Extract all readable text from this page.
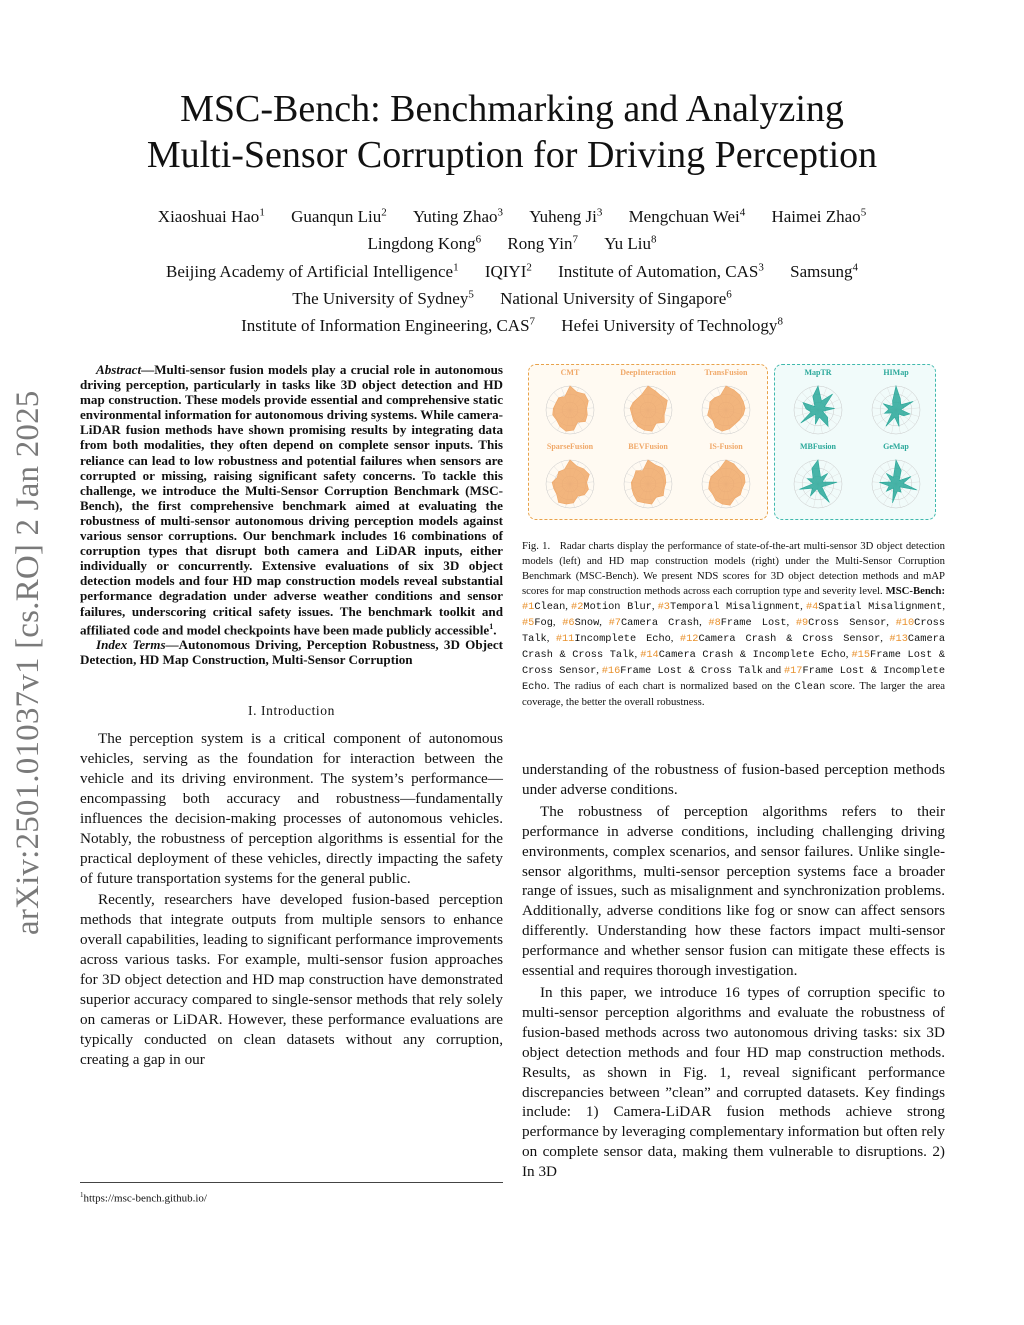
arXiv:2501.01037v1 [cs.RO] 2 Jan 2025
MSC-Bench: Benchmarking and Analyzing
Multi-Sensor Corruption for Driving Perception
Xiaoshuai Hao$^1$ Guanqun Liu$^2$ Yuting Zhao$^3$ Yuheng Ji$^3$ Mengchuan Wei$^4$ Haimei Zhao$^5$
Lingdong Kong$^6$ Rong Yin$^7$ Yu Liu$^8$
Beijing Academy of Artificial Intelligence$^1$ IQIYI$^2$ Institute of Automation, CAS$^3$ Samsung$^4$
The University of Sydney$^5$ National University of Singapore$^6$
Institute of Information Engineering, CAS$^7$ Hefei University of Technology$^8$

Abstract—Multi-sensor fusion models play a crucial role in autonomous driving perception, particularly in tasks like 3D object detection and HD map construction. These models provide essential and comprehensive static environmental information for autonomous driving systems. While camera-LiDAR fusion methods have shown promising results by integrating data from both modalities, they often depend on complete sensor inputs. This reliance can lead to low robustness and potential failures when sensors are corrupted or missing, raising significant safety concerns. To tackle this challenge, we introduce the Multi-Sensor Corruption Benchmark (MSC-Bench), the first comprehensive benchmark aimed at evaluating the robustness of multi-sensor autonomous driving perception models against various sensor corruptions. Our benchmark includes 16 combinations of corruption types that disrupt both camera and LiDAR inputs, either individually or concurrently. Extensive evaluations of six 3D object detection models and four HD map construction models reveal substantial performance degradation under adverse weather conditions and sensor failures, underscoring critical safety issues. The benchmark toolkit and affiliated code and model checkpoints have been made publicly accessible$^1$.

Index Terms—Autonomous Driving, Perception Robustness, 3D Object Detection, HD Map Construction, Multi-Sensor Corruption

I. Introduction

The perception system is a critical component of autonomous vehicles, serving as the foundation for interaction between the vehicle and its driving environment. The system’s performance—encompassing both accuracy and robustness—fundamentally influences the decision-making processes of autonomous vehicles. Notably, the robustness of perception algorithms is essential for the practical deployment of these vehicles, directly impacting the safety of future transportation systems for the general public.

Recently, researchers have developed fusion-based perception methods that integrate outputs from multiple sensors to enhance overall capabilities, leading to significant performance improvements across various tasks. For example, multi-sensor fusion approaches for 3D object detection and HD map construction have demonstrated superior accuracy compared to single-sensor methods that rely solely on cameras or LiDAR. However, these performance evaluations are typically conducted on clean datasets without any corruption, creating a gap in our

$^1$https://msc-bench.github.io/
CMT	DeepInteraction	TransFusion
SparseFusion	BEVFusion	IS-Fusion
MapTR	HIMap
MBFusion	GeMap
Fig. 1. Radar charts display the performance of state-of-the-art multi-sensor 3D object detection models (left) and HD map construction models (right) under the Multi-Sensor Corruption Benchmark (MSC-Bench). We present NDS scores for 3D object detection methods and mAP scores for map construction methods across each corruption type and severity level. MSC-Bench: #1Clean, #2Motion Blur, #3Temporal Misalignment, #4Spatial Misalignment, #5Fog, #6Snow, #7Camera Crash, #8Frame Lost, #9Cross Sensor, #10Cross Talk, #11Incomplete Echo, #12Camera Crash & Cross Sensor, #13Camera Crash & Cross Talk, #14Camera Crash & Incomplete Echo, #15Frame Lost & Cross Sensor, #16Frame Lost & Cross Talk and #17Frame Lost & Incomplete Echo. The radius of each chart is normalized based on the Clean score. The larger the area coverage, the better the overall robustness.

understanding of the robustness of fusion-based perception methods under adverse conditions.

The robustness of perception algorithms refers to their performance in adverse conditions, including challenging driving environments, complex scenarios, and sensor failures. Unlike single-sensor algorithms, multi-sensor perception systems face a broader range of issues, such as misalignment and synchronization problems. Additionally, adverse conditions like fog or snow can affect sensors differently. Understanding how these factors impact multi-sensor performance and whether sensor fusion can mitigate these effects is essential and requires thorough investigation.

In this paper, we introduce 16 types of corruption specific to multi-sensor perception algorithms and evaluate the robustness of fusion-based methods across two autonomous driving tasks: six 3D object detection methods and four HD map construction methods. Results, as shown in Fig. 1, reveal significant performance discrepancies between ”clean” and corrupted datasets. Key findings include: 1) Camera-LiDAR fusion methods achieve strong performance by leveraging complementary information but often rely on complete sensor data, making them vulnerable to disruptions. 2) In 3D
